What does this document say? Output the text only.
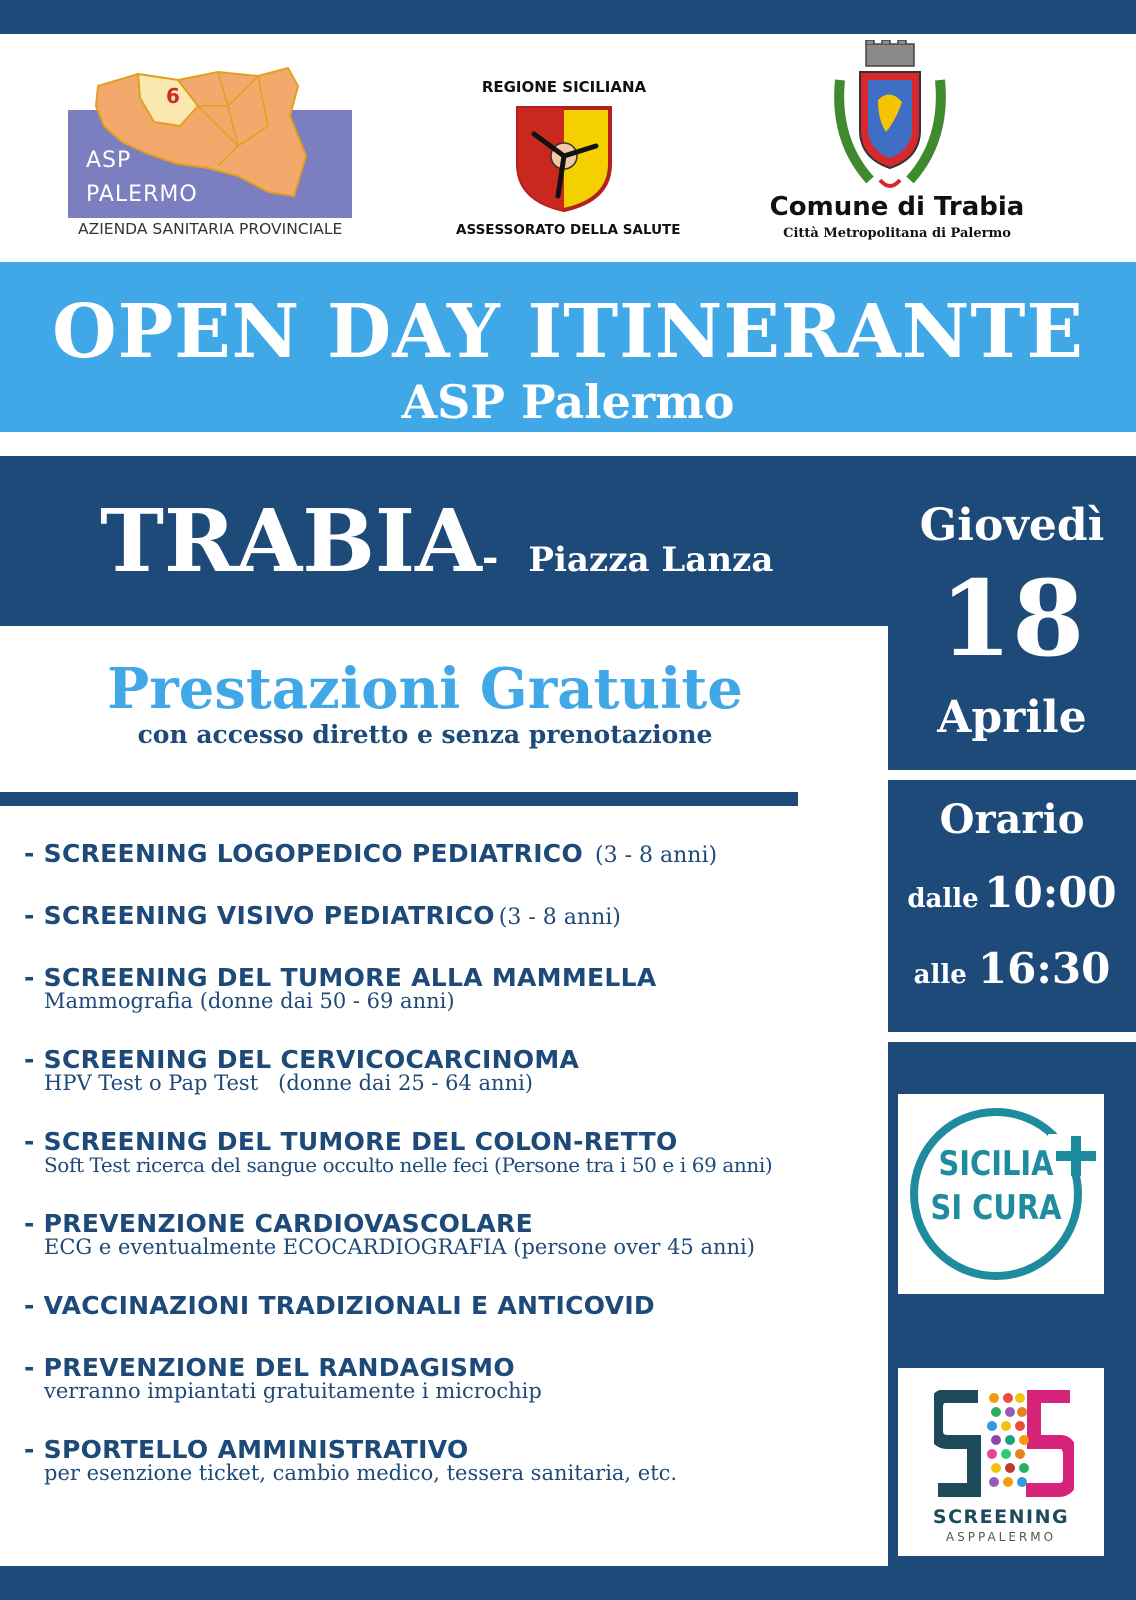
6
ASP
PALERMO
AZIENDA SANITARIA PROVINCIALE
REGIONE SICILIANA
ASSESSORATO DELLA SALUTE
Comune di Trabia
Città Metropolitana di Palermo
OPEN DAY ITINERANTE
ASP Palermo
TRABIA- Piazza Lanza
Giovedì
18
Aprile
Orario
dalle 10:00
alle 16:30
SICILIA
SI CURA
SCREENING
ASPPALERMO
Prestazioni Gratuite
con accesso diretto e senza prenotazione
- SCREENING LOGOPEDICO PEDIATRICO (3 - 8 anni)
- SCREENING VISIVO PEDIATRICO (3 - 8 anni)
- SCREENING DEL TUMORE ALLA MAMMELLA
Mammografia (donne dai 50 - 69 anni)
- SCREENING DEL CERVICOCARCINOMA
HPV Test o Pap Test   (donne dai 25 - 64 anni)
- SCREENING DEL TUMORE DEL COLON-RETTO
Soft Test ricerca del sangue occulto nelle feci (Persone tra i 50 e i 69 anni)
- PREVENZIONE CARDIOVASCOLARE
ECG e eventualmente ECOCARDIOGRAFIA (persone over 45 anni)
- VACCINAZIONI TRADIZIONALI E ANTICOVID
- PREVENZIONE DEL RANDAGISMO
verranno impiantati gratuitamente i microchip
- SPORTELLO AMMINISTRATIVO
per esenzione ticket, cambio medico, tessera sanitaria, etc.
